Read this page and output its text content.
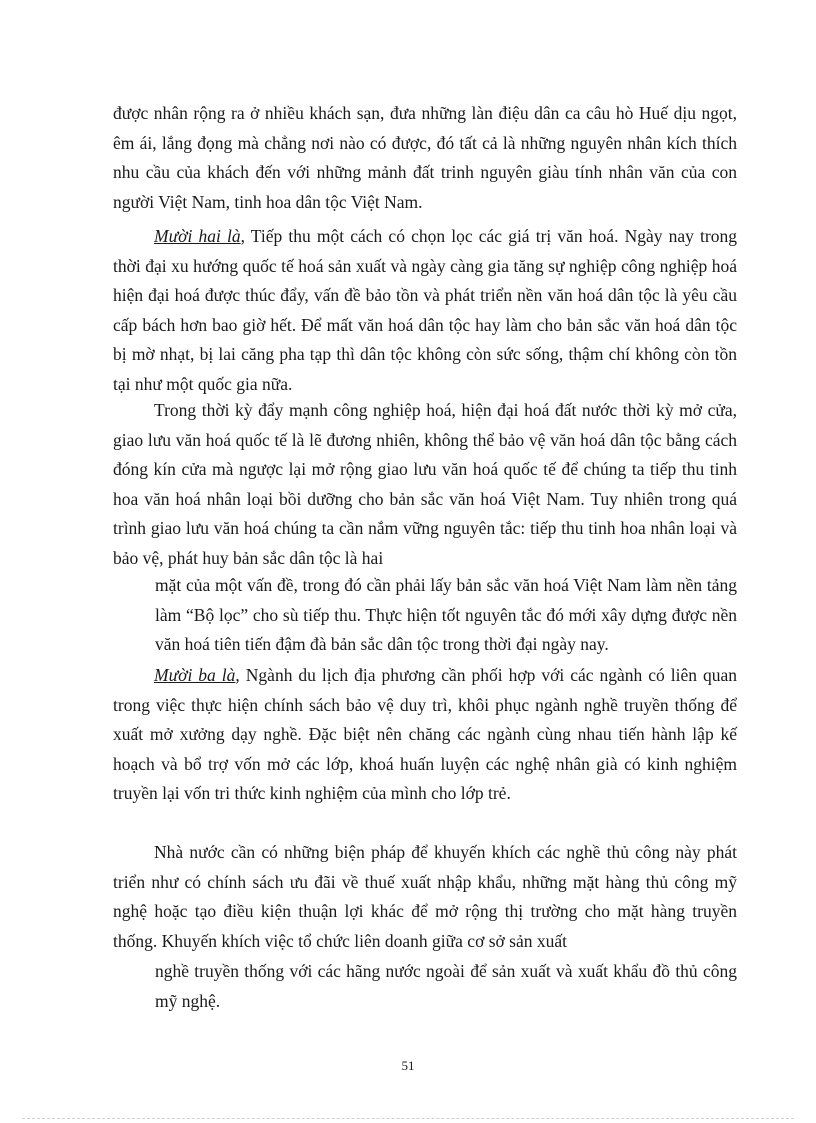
được nhân rộng ra ở nhiều khách sạn, đưa những làn điệu dân ca câu hò Huế dịu ngọt, êm ái, lắng đọng mà chẳng nơi nào có được, đó tất cả là những nguyên nhân kích thích nhu cầu của khách đến với những mảnh đất trinh nguyên giàu tính nhân văn của con người Việt Nam, tinh hoa dân tộc Việt Nam.

Mười hai là, Tiếp thu một cách có chọn lọc các giá trị văn hoá. Ngày nay trong thời đại xu hướng quốc tế hoá sản xuất và ngày càng gia tăng sự nghiệp công nghiệp hoá hiện đại hoá được thúc đẩy, vấn đề bảo tồn và phát triển nền văn hoá dân tộc là yêu cầu cấp bách hơn bao giờ hết. Để mất văn hoá dân tộc hay làm cho bản sắc văn hoá dân tộc bị mờ nhạt, bị lai căng pha tạp thì dân tộc không còn sức sống, thậm chí không còn tồn tại như một quốc gia nữa.

Trong thời kỳ đẩy mạnh công nghiệp hoá, hiện đại hoá đất nước thời kỳ mở cửa, giao lưu văn hoá quốc tế là lẽ đương nhiên, không thể bảo vệ văn hoá dân tộc bằng cách đóng kín cửa mà ngược lại mở rộng giao lưu văn hoá quốc tế để chúng ta tiếp thu tinh hoa văn hoá nhân loại bồi dưỡng cho bản sắc văn hoá Việt Nam. Tuy nhiên trong quá trình giao lưu văn hoá chúng ta cần nắm vững nguyên tắc: tiếp thu tinh hoa nhân loại và bảo vệ, phát huy bản sắc dân tộc là hai

mặt của một vấn đề, trong đó cần phải lấy bản sắc văn hoá Việt Nam làm nền tảng làm “Bộ lọc” cho sù tiếp thu. Thực hiện tốt nguyên tắc đó mới xây dựng được nền văn hoá tiên tiến đậm đà bản sắc dân tộc trong thời đại ngày nay.

Mười ba là, Ngành du lịch địa phương cần phối hợp với các ngành có liên quan trong việc thực hiện chính sách bảo vệ duy trì, khôi phục ngành nghề truyền thống để xuất mở xưởng dạy nghề. Đặc biệt nên chăng các ngành cùng nhau tiến hành lập kế hoạch và bổ trợ vốn mở các lớp, khoá huấn luyện các nghệ nhân già có kinh nghiệm truyền lại vốn tri thức kinh nghiệm của mình cho lớp trẻ.

Nhà nước cần có những biện pháp để khuyến khích các nghề thủ công này phát triển như có chính sách ưu đãi về thuế xuất nhập khẩu, những mặt hàng thủ công mỹ nghệ hoặc tạo điều kiện thuận lợi khác để mở rộng thị trường cho mặt hàng truyền thống. Khuyến khích việc tổ chức liên doanh giữa cơ sở sản xuất

nghề truyền thống với các hãng nước ngoài để sản xuất và xuất khẩu đồ thủ công mỹ nghệ.

51
